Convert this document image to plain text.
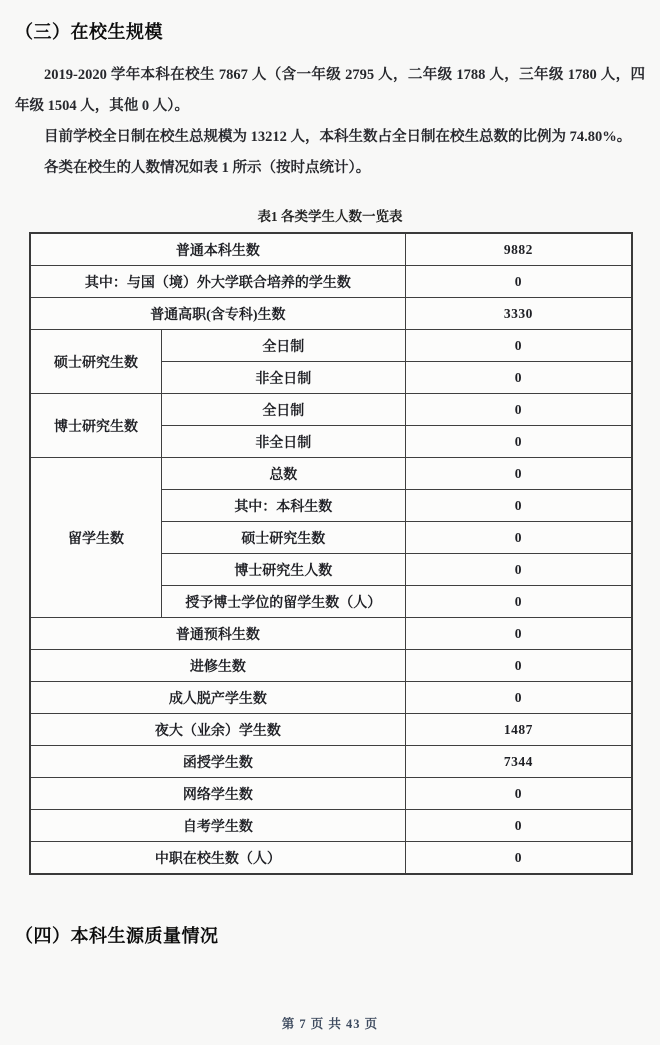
（三）在校生规模

2019-2020 学年本科在校生 7867 人（含一年级 2795 人，二年级 1788 人，三年级 1780 人，四年级 1504 人，其他 0 人）。

目前学校全日制在校生总规模为 13212 人，本科生数占全日制在校生总数的比例为 74.80%。

各类在校生的人数情况如表 1 所示（按时点统计）。

表1 各类学生人数一览表
普通本科生数		9882
其中：与国（境）外大学联合培养的学生数		0
普通高职(含专科)生数		3330
硕士研究生数	全日制	0
	非全日制	0
博士研究生数	全日制	0
	非全日制	0
留学生数	总数	0
	其中：本科生数	0
	硕士研究生数	0
	博士研究生人数	0
	授予博士学位的留学生数（人）	0
普通预科生数		0
进修生数		0
成人脱产学生数		0
夜大（业余）学生数		1487
函授学生数		7344
网络学生数		0
自考学生数		0
中职在校生数（人）		0
（四）本科生源质量情况
第 7 页 共 43 页
